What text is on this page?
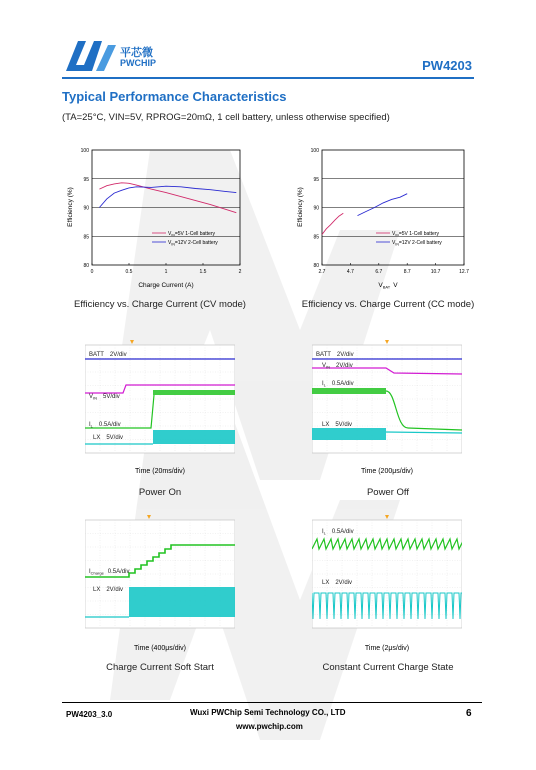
平芯微
PWCHIP	PW4203
Typical Performance Characteristics
(TA=25°C, VIN=5V, RPROG=20mΩ, 1 cell battery, unless otherwise specified)
80
85
90
95
100
0	0.5	1	1.5	2
Efficiency (%)
Charge Current (A)
$V_{IN}=5V$ 1-Cell battery
$V_{IN}=12V$ 2-Cell battery
Efficiency vs. Charge Current (CV mode)
80
85
90
95
100
2.7	4.7	6.7	8.7	10.7	12.7
Efficiency (%)
$V_{BAT}$ V
$V_{IN}=5V$ 1-Cell battery
$V_{IN}=12V$ 2-Cell battery
Efficiency vs. Charge Current (CC mode)
BATT 2V/div
$V_{IN}$ 5V/div
$I_L$ 0.5A/div
LX 5V/div
Time (20ms/div)
Power On
BATT 2V/div
$V_{IN}$ 2V/div
$I_L$ 0.5A/div
LX 5V/div
Time (200μs/div)
Power Off
$I_{Charge}$ 0.5A/div
LX 2V/div
Time (400μs/div)
Charge Current Soft Start
$I_L$ 0.5A/div
LX 2V/div
Time (2μs/div)
Constant Current Charge State
PW4203_3.0	Wuxi PWChip Semi Technology CO., LTD
www.pwchip.com
6
